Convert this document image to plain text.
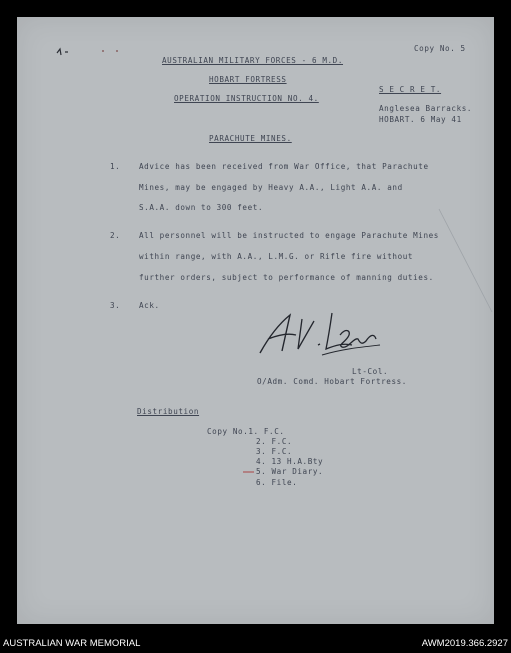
Copy No. 5
AUSTRALIAN MILITARY FORCES - 6 M.D.
HOBART FORTRESS
OPERATION INSTRUCTION NO. 4.
S E C R E T.
Anglesea Barracks.
HOBART. 6 May 41
PARACHUTE MINES.
1. Advice has been received from War Office, that Parachute
Mines, may be engaged by Heavy A.A., Light A.A. and
S.A.A. down to 300 feet.
2. All personnel will be instructed to engage Parachute Mines
within range, with A.A., L.M.G. or Rifle fire without
further orders, subject to performance of manning duties.
3. Ack.
Lt-Col.
O/Adm. Comd. Hobart Fortress.
Distribution
Copy No.1. F.C.
2. F.C.
3. F.C.
4. 13 H.A.Bty
5. War Diary.
6. File.
AUSTRALIAN WAR MEMORIAL	AWM2019.366.2927
